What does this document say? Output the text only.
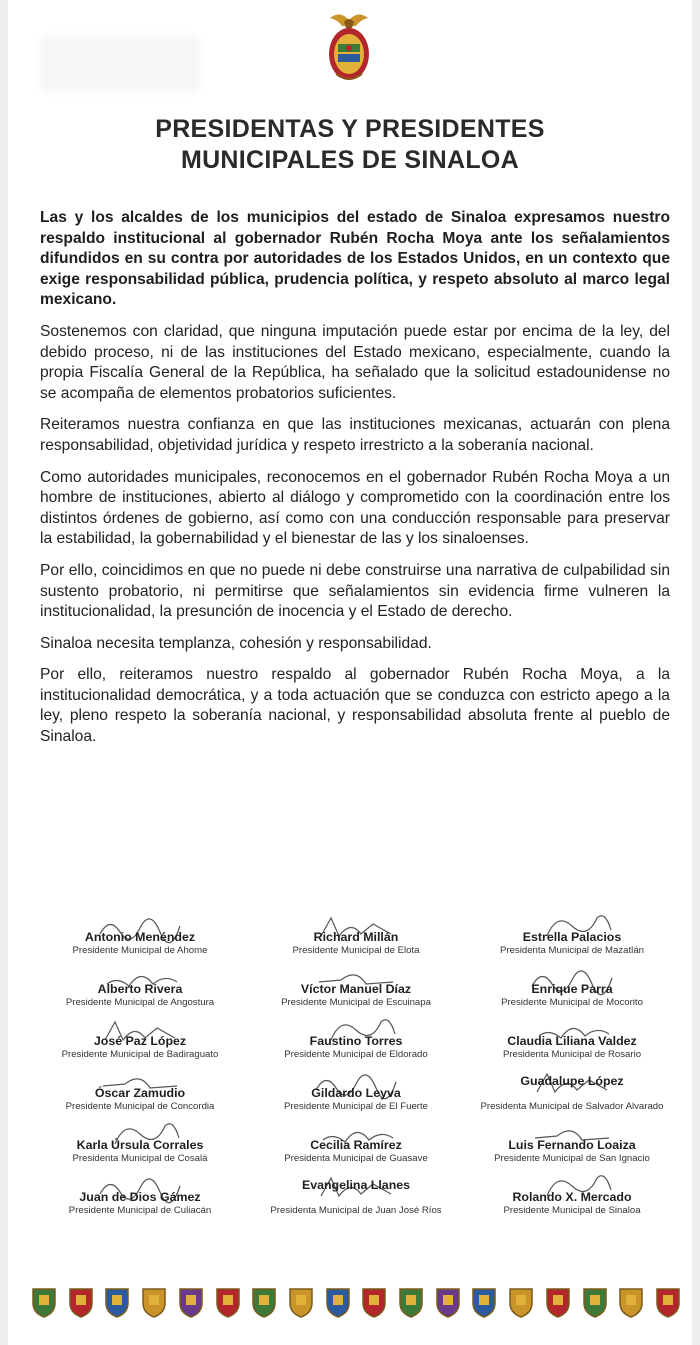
PRESIDENTAS Y PRESIDENTES
MUNICIPALES DE SINALOA

Las y los alcaldes de los municipios del estado de Sinaloa expresamos nuestro respaldo institucional al gobernador Rubén Rocha Moya ante los señalamientos difundidos en su contra por autoridades de los Estados Unidos, en un contexto que exige responsabilidad pública, prudencia política, y respeto absoluto al marco legal mexicano.

Sostenemos con claridad, que ninguna imputación puede estar por encima de la ley, del debido proceso, ni de las instituciones del Estado mexicano, especialmente, cuando la propia Fiscalía General de la República, ha señalado que la solicitud estadounidense no se acompaña de elementos probatorios suficientes.

Reiteramos nuestra confianza en que las instituciones mexicanas, actuarán con plena responsabilidad, objetividad jurídica y respeto irrestricto a la soberanía nacional.

Como autoridades municipales, reconocemos en el gobernador Rubén Rocha Moya a un hombre de instituciones, abierto al diálogo y comprometido con la coordinación entre los distintos órdenes de gobierno, así como con una conducción responsable para preservar la estabilidad, la gobernabilidad y el bienestar de las y los sinaloenses.

Por ello, coincidimos en que no puede ni debe construirse una narrativa de culpabilidad sin sustento probatorio, ni permitirse que señalamientos sin evidencia firme vulneren la institucionalidad, la presunción de inocencia y el Estado de derecho.

Sinaloa necesita templanza, cohesión y responsabilidad.

Por ello, reiteramos nuestro respaldo al gobernador Rubén Rocha Moya, a la institucionalidad democrática, y a toda actuación que se conduzca con estricto apego a la ley, pleno respeto la soberanía nacional, y responsabilidad absoluta frente al pueblo de Sinaloa.

Antonio Menéndez
Presidente Municipal de Ahome
Richard Millán
Presidente Municipal de Elota
Estrella Palacios
Presidenta Municipal de Mazatlán
Alberto Rivera
Presidente Municipal de Angostura
Víctor Manuel Díaz
Presidente Municipal de Escuinapa
Enrique Parra
Presidente Municipal de Mocorito
José Paz López
Presidente Municipal de Badiraguato
Faustino Torres
Presidente Municipal de Eldorado
Claudia Liliana Valdez
Presidenta Municipal de Rosario
Óscar Zamudio
Presidente Municipal de Concordia
Gildardo Leyva
Presidente Municipal de El Fuerte
Guadalupe López
Presidenta Municipal de Salvador Alvarado
Karla Úrsula Corrales
Presidenta Municipal de Cosalá
Cecilia Ramírez
Presidenta Municipal de Guasave
Luis Fernando Loaiza
Presidente Municipal de San Ignacio
Juan de Dios Gámez
Presidente Municipal de Culiacán
Evangelina Llanes
Presidenta Municipal de Juan José Ríos
Rolando X. Mercado
Presidente Municipal de Sinaloa
